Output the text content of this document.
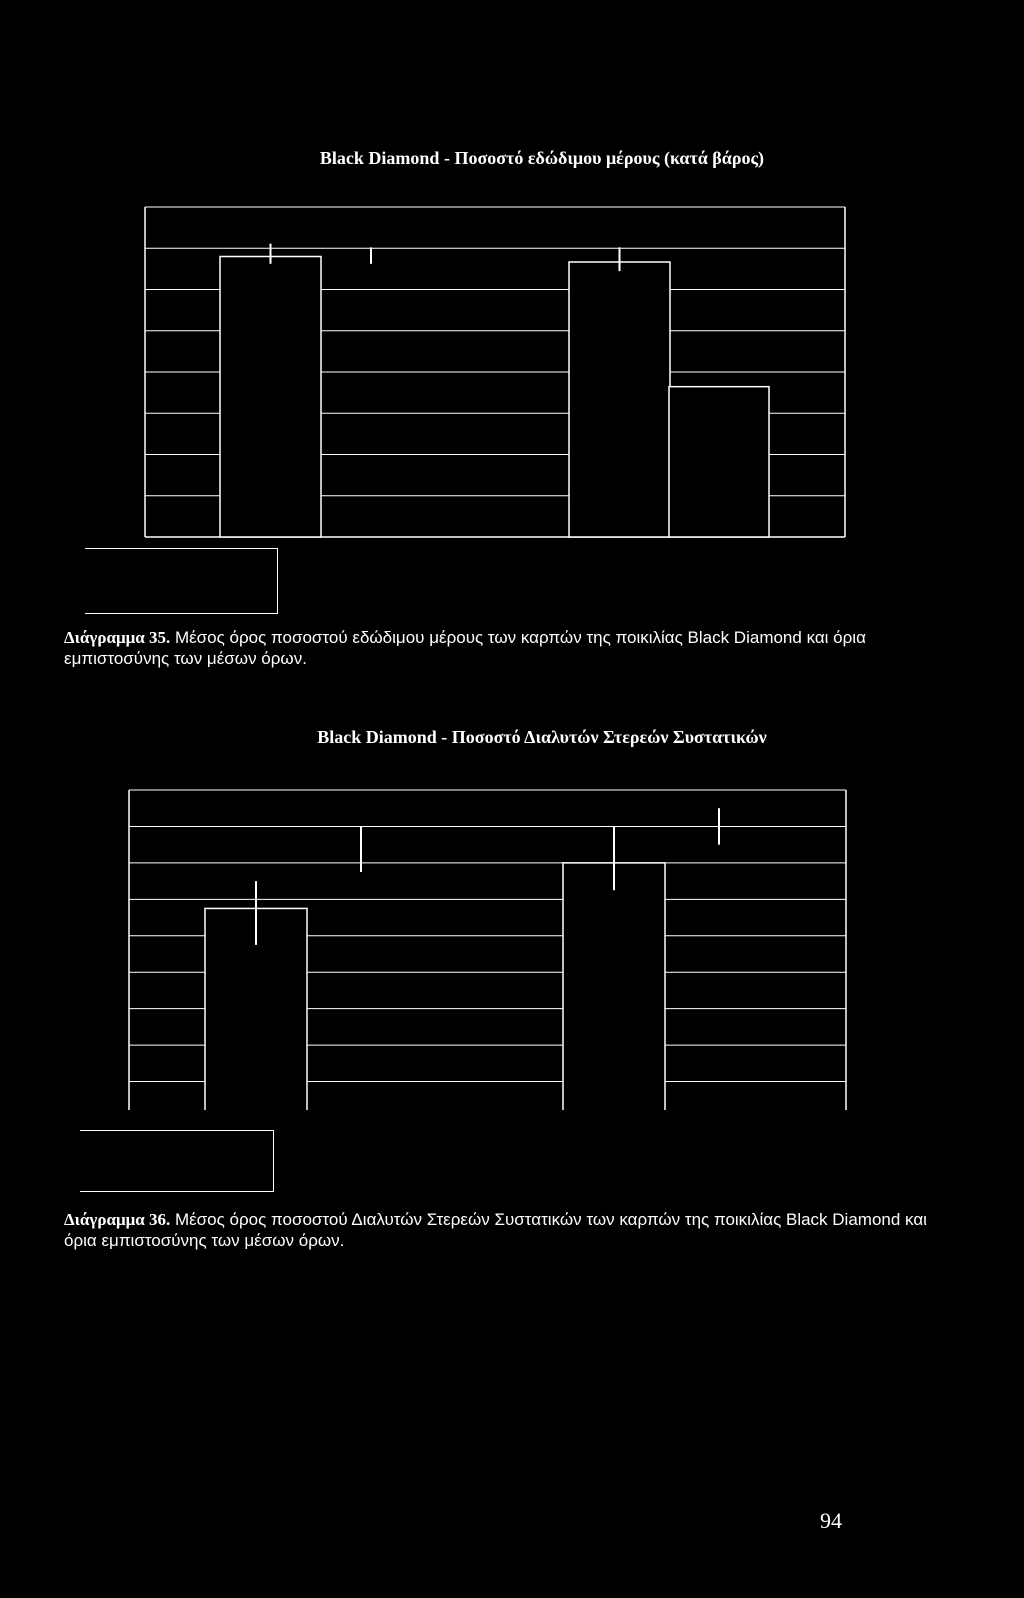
Black Diamond - Ποσοστό εδώδιμου μέρους (κατά βάρος)
Διάγραμμα 35. Μέσος όρος ποσοστού εδώδιμου μέρους των καρπών της ποικιλίας Black Diamond και όρια εμπιστοσύνης των μέσων όρων.
Black Diamond - Ποσοστό Διαλυτών Στερεών Συστατικών
Διάγραμμα 36. Μέσος όρος ποσοστού Διαλυτών Στερεών Συστατικών των καρπών της ποικιλίας Black Diamond και όρια εμπιστοσύνης των μέσων όρων.
94
